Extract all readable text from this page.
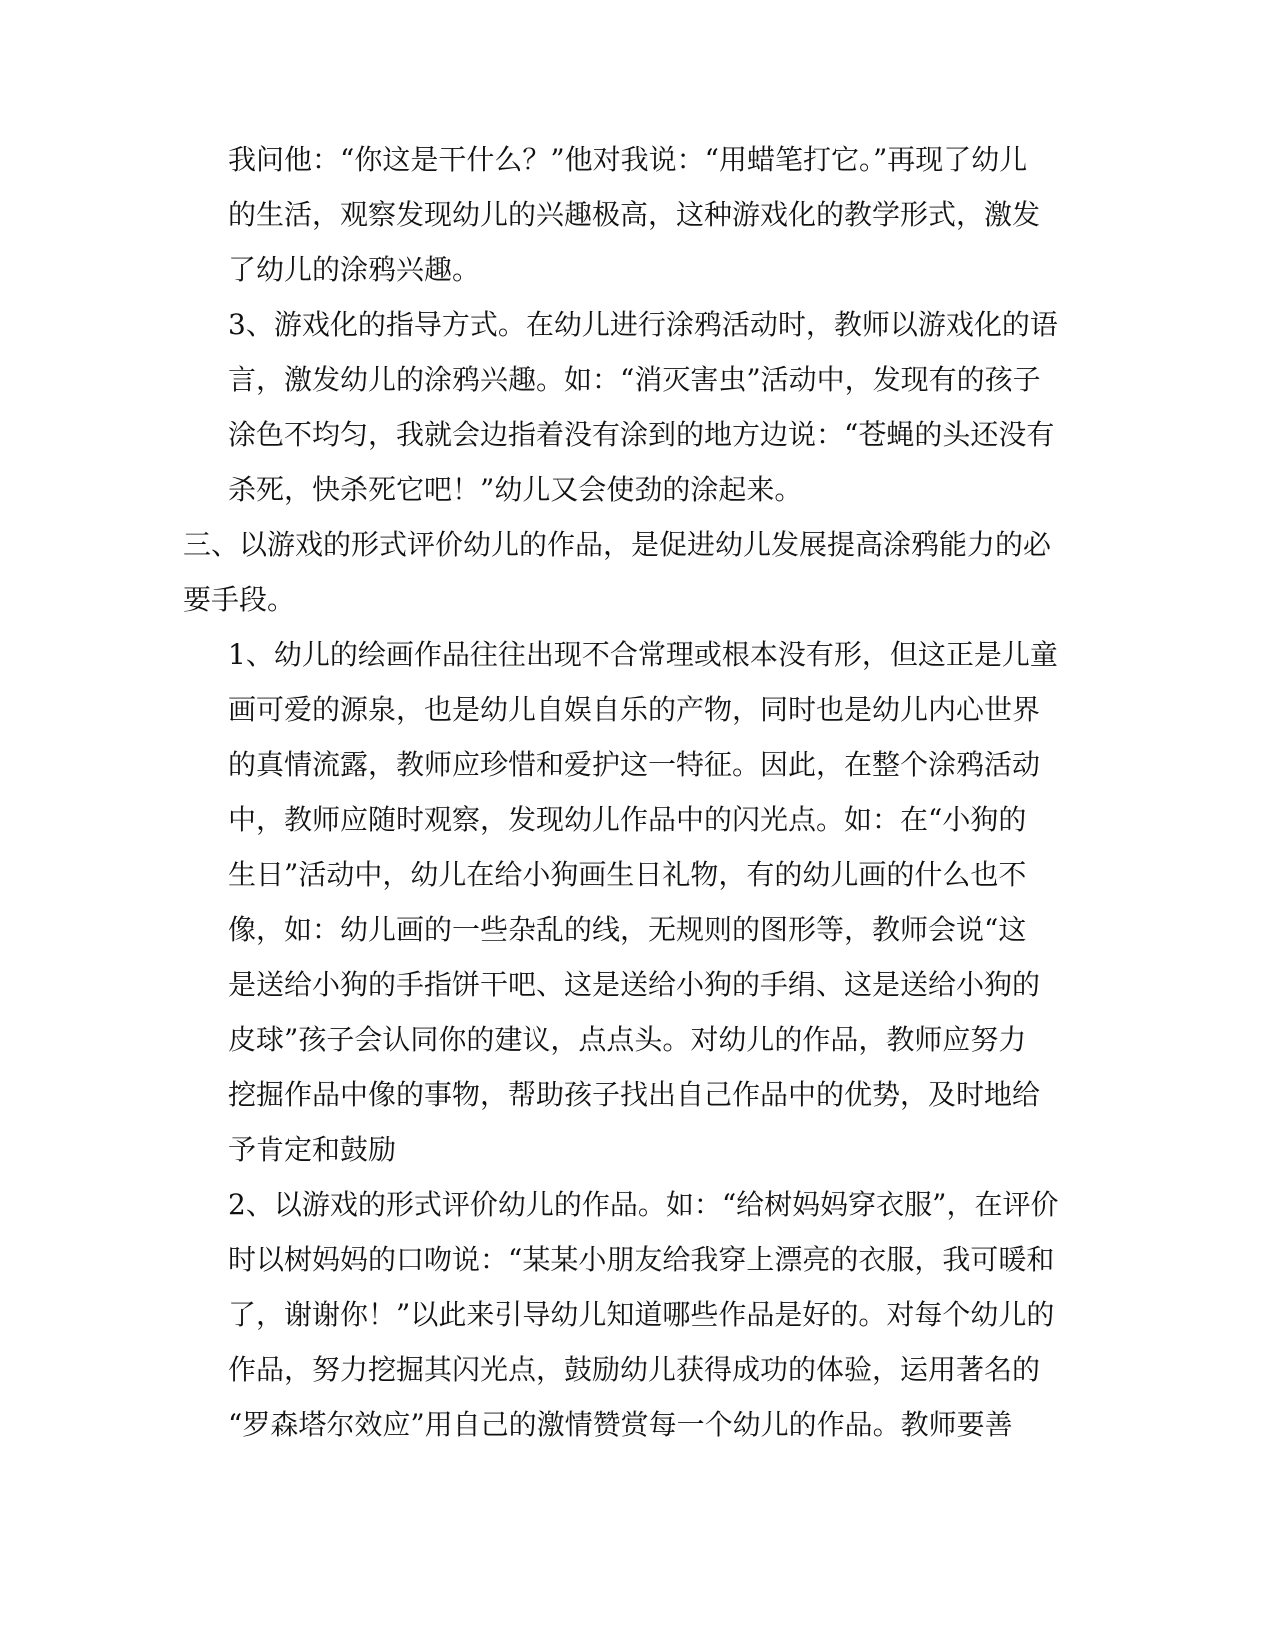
我问他：“你这是干什么？”他对我说：“用蜡笔打它。”再现了幼儿

的生活，观察发现幼儿的兴趣极高，这种游戏化的教学形式，激发

了幼儿的涂鸦兴趣。

3、游戏化的指导方式。在幼儿进行涂鸦活动时，教师以游戏化的语

言，激发幼儿的涂鸦兴趣。如：“消灭害虫”活动中，发现有的孩子

涂色不均匀，我就会边指着没有涂到的地方边说：“苍蝇的头还没有

杀死，快杀死它吧！”幼儿又会使劲的涂起来。

三、以游戏的形式评价幼儿的作品，是促进幼儿发展提高涂鸦能力的必

要手段。

1、幼儿的绘画作品往往出现不合常理或根本没有形，但这正是儿童

画可爱的源泉，也是幼儿自娱自乐的产物，同时也是幼儿内心世界

的真情流露，教师应珍惜和爱护这一特征。因此，在整个涂鸦活动

中，教师应随时观察，发现幼儿作品中的闪光点。如：在“小狗的

生日”活动中，幼儿在给小狗画生日礼物，有的幼儿画的什么也不

像，如：幼儿画的一些杂乱的线，无规则的图形等，教师会说“这

是送给小狗的手指饼干吧、这是送给小狗的手绢、这是送给小狗的

皮球”孩子会认同你的建议，点点头。对幼儿的作品，教师应努力

挖掘作品中像的事物，帮助孩子找出自己作品中的优势，及时地给

予肯定和鼓励

2、以游戏的形式评价幼儿的作品。如：“给树妈妈穿衣服”，在评价

时以树妈妈的口吻说：“某某小朋友给我穿上漂亮的衣服，我可暖和

了，谢谢你！”以此来引导幼儿知道哪些作品是好的。对每个幼儿的

作品，努力挖掘其闪光点，鼓励幼儿获得成功的体验，运用著名的

“罗森塔尔效应”用自己的激情赞赏每一个幼儿的作品。教师要善
